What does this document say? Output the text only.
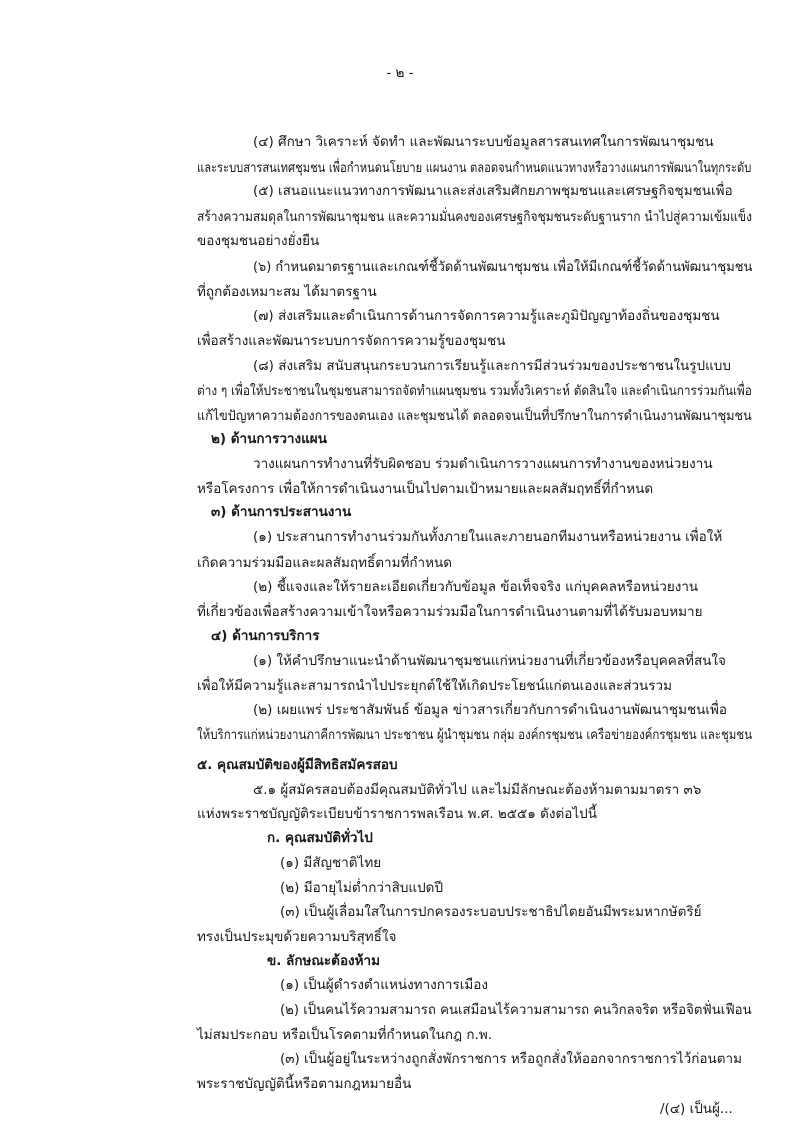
- ๒ -
(๔) ศึกษา วิเคราะห์ จัดทำ และพัฒนาระบบข้อมูลสารสนเทศในการพัฒนาชุมชน
และระบบสารสนเทศชุมชน เพื่อกำหนดนโยบาย แผนงาน ตลอดจนกำหนดแนวทางหรือวางแผนการพัฒนาในทุกระดับ
(๕) เสนอแนะแนวทางการพัฒนาและส่งเสริมศักยภาพชุมชนและเศรษฐกิจชุมชนเพื่อ
สร้างความสมดุลในการพัฒนาชุมชน และความมั่นคงของเศรษฐกิจชุมชนระดับฐานราก นำไปสู่ความเข้มแข็ง
ของชุมชนอย่างยั่งยืน
(๖) กำหนดมาตรฐานและเกณฑ์ชี้วัดด้านพัฒนาชุมชน เพื่อให้มีเกณฑ์ชี้วัดด้านพัฒนาชุมชน
ที่ถูกต้องเหมาะสม ได้มาตรฐาน
(๗) ส่งเสริมและดำเนินการด้านการจัดการความรู้และภูมิปัญญาท้องถิ่นของชุมชน
เพื่อสร้างและพัฒนาระบบการจัดการความรู้ของชุมชน
(๘) ส่งเสริม สนับสนุนกระบวนการเรียนรู้และการมีส่วนร่วมของประชาชนในรูปแบบ
ต่าง ๆ เพื่อให้ประชาชนในชุมชนสามารถจัดทำแผนชุมชน รวมทั้งวิเคราะห์ ตัดสินใจ และดำเนินการร่วมกันเพื่อ
แก้ไขปัญหาความต้องการของตนเอง และชุมชนได้ ตลอดจนเป็นที่ปรึกษาในการดำเนินงานพัฒนาชุมชน
๒) ด้านการวางแผน
วางแผนการทำงานที่รับผิดชอบ ร่วมดำเนินการวางแผนการทำงานของหน่วยงาน
หรือโครงการ เพื่อให้การดำเนินงานเป็นไปตามเป้าหมายและผลสัมฤทธิ์ที่กำหนด
๓) ด้านการประสานงาน
(๑) ประสานการทำงานร่วมกันทั้งภายในและภายนอกทีมงานหรือหน่วยงาน เพื่อให้
เกิดความร่วมมือและผลสัมฤทธิ์ตามที่กำหนด
(๒) ชี้แจงและให้รายละเอียดเกี่ยวกับข้อมูล ข้อเท็จจริง แก่บุคคลหรือหน่วยงาน
ที่เกี่ยวข้องเพื่อสร้างความเข้าใจหรือความร่วมมือในการดำเนินงานตามที่ได้รับมอบหมาย
๔) ด้านการบริการ
(๑) ให้คำปรึกษาแนะนำด้านพัฒนาชุมชนแก่หน่วยงานที่เกี่ยวข้องหรือบุคคลที่สนใจ
เพื่อให้มีความรู้และสามารถนำไปประยุกต์ใช้ให้เกิดประโยชน์แก่ตนเองและส่วนรวม
(๒) เผยแพร่ ประชาสัมพันธ์ ข้อมูล ข่าวสารเกี่ยวกับการดำเนินงานพัฒนาชุมชนเพื่อ
ให้บริการแก่หน่วยงานภาคีการพัฒนา ประชาชน ผู้นำชุมชน กลุ่ม องค์กรชุมชน เครือข่ายองค์กรชุมชน และชุมชน
๕. คุณสมบัติของผู้มีสิทธิสมัครสอบ
๕.๑ ผู้สมัครสอบต้องมีคุณสมบัติทั่วไป และไม่มีลักษณะต้องห้ามตามมาตรา ๓๖
แห่งพระราชบัญญัติระเบียบข้าราชการพลเรือน พ.ศ. ๒๕๕๑ ดังต่อไปนี้
ก. คุณสมบัติทั่วไป
(๑) มีสัญชาติไทย
(๒) มีอายุไม่ต่ำกว่าสิบแปดปี
(๓) เป็นผู้เลื่อมใสในการปกครองระบอบประชาธิปไตยอันมีพระมหากษัตริย์
ทรงเป็นประมุขด้วยความบริสุทธิ์ใจ
ข. ลักษณะต้องห้าม
(๑) เป็นผู้ดำรงตำแหน่งทางการเมือง
(๒) เป็นคนไร้ความสามารถ คนเสมือนไร้ความสามารถ คนวิกลจริต หรือจิตฟั่นเฟือน
ไม่สมประกอบ หรือเป็นโรคตามที่กำหนดในกฎ ก.พ.
(๓) เป็นผู้อยู่ในระหว่างถูกสั่งพักราชการ หรือถูกสั่งให้ออกจากราชการไว้ก่อนตาม
พระราชบัญญัตินี้หรือตามกฎหมายอื่น
/(๔) เป็นผู้...
